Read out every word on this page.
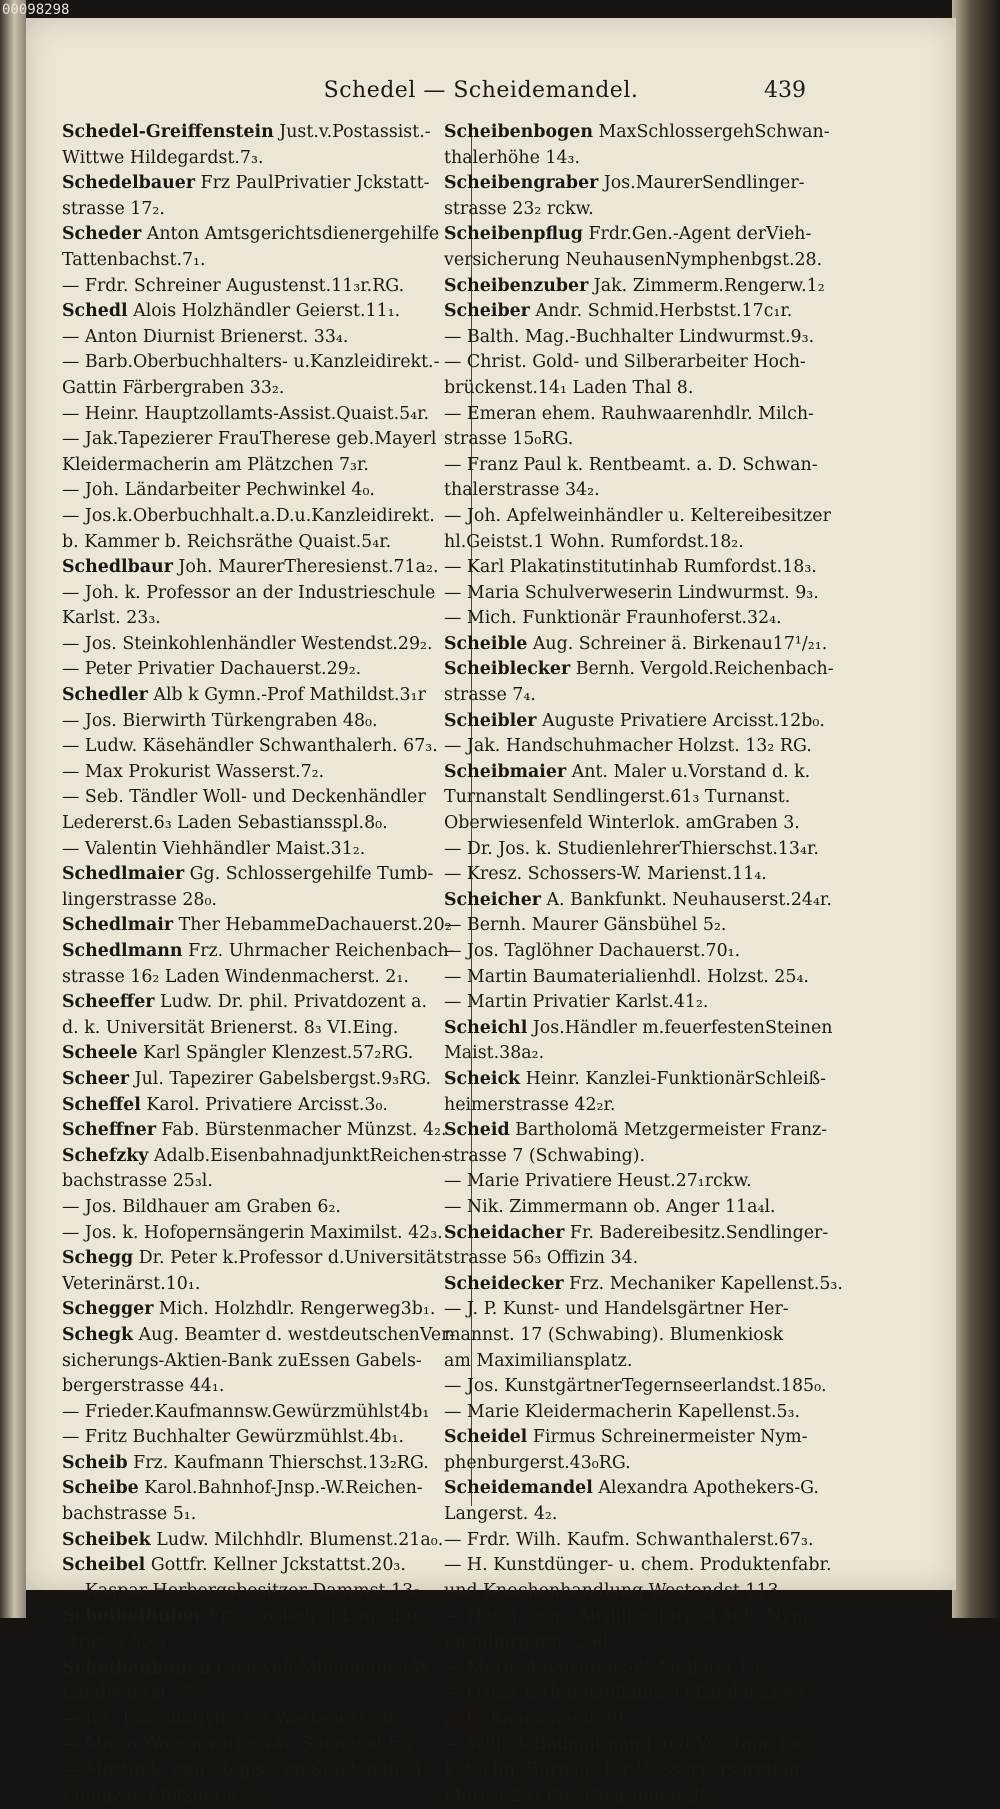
00098298
Schedel — Scheidemandel.	439
Schedel-Greiffenstein Just.v.Postassist.-
Wittwe Hildegardst.7₃.
Schedelbauer Frz PaulPrivatier Jckstatt-
strasse 17₂.
Scheder Anton Amtsgerichtsdienergehilfe
Tattenbachst.7₁.
— Frdr. Schreiner Augustenst.11₃r.RG.
Schedl Alois Holzhändler Geierst.11₁.
— Anton Diurnist Brienerst. 33₄.
— Barb.Oberbuchhalters- u.Kanzleidirekt.-
Gattin Färbergraben 33₂.
— Heinr. Hauptzollamts-Assist.Quaist.5₄r.
— Jak.Tapezierer FrauTherese geb.Mayerl
Kleidermacherin am Plätzchen 7₃r.
— Joh. Ländarbeiter Pechwinkel 4₀.
— Jos.k.Oberbuchhalt.a.D.u.Kanzleidirekt.
b. Kammer b. Reichsräthe Quaist.5₄r.
Schedlbaur Joh. MaurerTheresienst.71a₂.
— Joh. k. Professor an der Industrieschule
Karlst. 23₃.
— Jos. Steinkohlenhändler Westendst.29₂.
— Peter Privatier Dachauerst.29₂.
Schedler Alb k Gymn.-Prof Mathildst.3₁r
— Jos. Bierwirth Türkengraben 48₀.
— Ludw. Käsehändler Schwanthalerh. 67₃.
— Max Prokurist Wasserst.7₂.
— Seb. Tändler Woll- und Deckenhändler
Ledererst.6₃ Laden Sebastiansspl.8₀.
— Valentin Viehhändler Maist.31₂.
Schedlmaier Gg. Schlossergehilfe Tumb-
lingerstrasse 28₀.
Schedlmair Ther HebammeDachauerst.20₂
Schedlmann Frz. Uhrmacher Reichenbach-
strasse 16₂ Laden Windenmacherst. 2₁.
Scheeffer Ludw. Dr. phil. Privatdozent a.
d. k. Universität Brienerst. 8₃ VI.Eing.
Scheele Karl Spängler Klenzest.57₂RG.
Scheer Jul. Tapezirer Gabelsbergst.9₃RG.
Scheffel Karol. Privatiere Arcisst.3₀.
Scheffner Fab. Bürstenmacher Münzst. 4₂.
Schefzky Adalb.EisenbahnadjunktReichen-
bachstrasse 25₃l.
— Jos. Bildhauer am Graben 6₂.
— Jos. k. Hofopernsängerin Maximilst. 42₃.
Schegg Dr. Peter k.Professor d.Universität
Veterinärst.10₁.
Schegger Mich. Holzhdlr. Rengerweg3b₁.
Schegk Aug. Beamter d. westdeutschenVer-
sicherungs-Aktien-Bank zuEssen Gabels-
bergerstrasse 44₁.
— Frieder.Kaufmannsw.Gewürzmühlst4b₁
— Fritz Buchhalter Gewürzmühlst.4b₁.
Scheib Frz. Kaufmann Thierschst.13₂RG.
Scheibe Karol.Bahnhof-Jnsp.-W.Reichen-
bachstrasse 5₁.
Scheibek Ludw. Milchhdlr. Blumenst.21a₀.
Scheibel Gottfr. Kellner Jckstattst.20₃.
— Kaspar Herbergsbesitzer Dammst.13₀.
Scheibelhuber Frz. Gastwirth Linprunn-
strasse 60₀₁.
Scheibenbogen GenovefaMilchmanns-W.
Landwehrst. 75₀.
— Jos. Lokomotivheizer Westendst.30₁.
— Maria Wagenwärters-W. Sonnenst.5₃r.
— Martin k. geh. Regist. im Staatsmin. d.
Finanzen Metzgerst 5₀.
Scheibenbogen MaxSchlossergehSchwan-
thalerhöhe 14₃.
Scheibengraber Jos.MaurerSendlinger-
strasse 23₂ rckw.
Scheibenpflug Frdr.Gen.-Agent derVieh-
versicherung NeuhausenNymphenbgst.28.
Scheibenzuber Jak. Zimmerm.Rengerw.1₂
Scheiber Andr. Schmid.Herbstst.17c₁r.
— Balth. Mag.-Buchhalter Lindwurmst.9₃.
— Christ. Gold- und Silberarbeiter Hoch-
brückenst.14₁ Laden Thal 8.
— Emeran ehem. Rauhwaarenhdlr. Milch-
strasse 15₀RG.
— Franz Paul k. Rentbeamt. a. D. Schwan-
thalerstrasse 34₂.
— Joh. Apfelweinhändler u. Keltereibesitzer
hl.Geistst.1 Wohn. Rumfordst.18₂.
— Karl Plakatinstitutinhab Rumfordst.18₃.
— Maria Schulverweserin Lindwurmst. 9₃.
— Mich. Funktionär Fraunhoferst.32₄.
Scheible Aug. Schreiner ä. Birkenau17¹/₂₁.
Scheiblecker Bernh. Vergold.Reichenbach-
strasse 7₄.
Scheibler Auguste Privatiere Arcisst.12b₀.
— Jak. Handschuhmacher Holzst. 13₂ RG.
Scheibmaier Ant. Maler u.Vorstand d. k.
Turnanstalt Sendlingerst.61₃ Turnanst.
Oberwiesenfeld Winterlok. amGraben 3.
— Dr. Jos. k. StudienlehrerThierschst.13₄r.
— Kresz. Schossers-W. Marienst.11₄.
Scheicher A. Bankfunkt. Neuhauserst.24₄r.
— Bernh. Maurer Gänsbühel 5₂.
— Jos. Taglöhner Dachauerst.70₁.
— Martin Baumaterialienhdl. Holzst. 25₄.
— Martin Privatier Karlst.41₂.
Scheichl Jos.Händler m.feuerfestenSteinen
Maist.38a₂.
Scheick Heinr. Kanzlei-FunktionärSchleiß-
heimerstrasse 42₂r.
Scheid Bartholomä Metzgermeister Franz-
strasse 7 (Schwabing).
— Marie Privatiere Heust.27₁rckw.
— Nik. Zimmermann ob. Anger 11a₄l.
Scheidacher Fr. Badereibesitz.Sendlinger-
strasse 56₃ Offizin 34.
Scheidecker Frz. Mechaniker Kapellenst.5₃.
— J. P. Kunst- und Handelsgärtner Her-
mannst. 17 (Schwabing). Blumenkiosk
am Maximiliansplatz.
— Jos. KunstgärtnerTegernseerlandst.185₀.
— Marie Kleidermacherin Kapellenst.5₃.
Scheidel Firmus Schreinermeister Nym-
phenburgerst.43₀RG.
Scheidemandel Alexandra Apothekers-G.
Langerst. 4₂.
— Frdr. Wilh. Kaufm. Schwanthalerst.67₃.
— H. Kunstdünger- u. chem. Produktenfabr.
und Knochenhandlung Westendst.113.
— Herm. mag. Aushilfsdiurnist äuß. Nym-
phenburgerst. 29d.
— Maria Advokatens-W. Müllerst.15₁.
— Oskar k.Hauptzollamts-Offizial u.Lieut.
a. D. Kapuzinerst.20₃.
— Wilh. k.Bauamtmann und Vorstand des
k. techn. Bureaus für Wasserversorgung
Marsst.28₃ Bur.Theatinerst.20₂.
